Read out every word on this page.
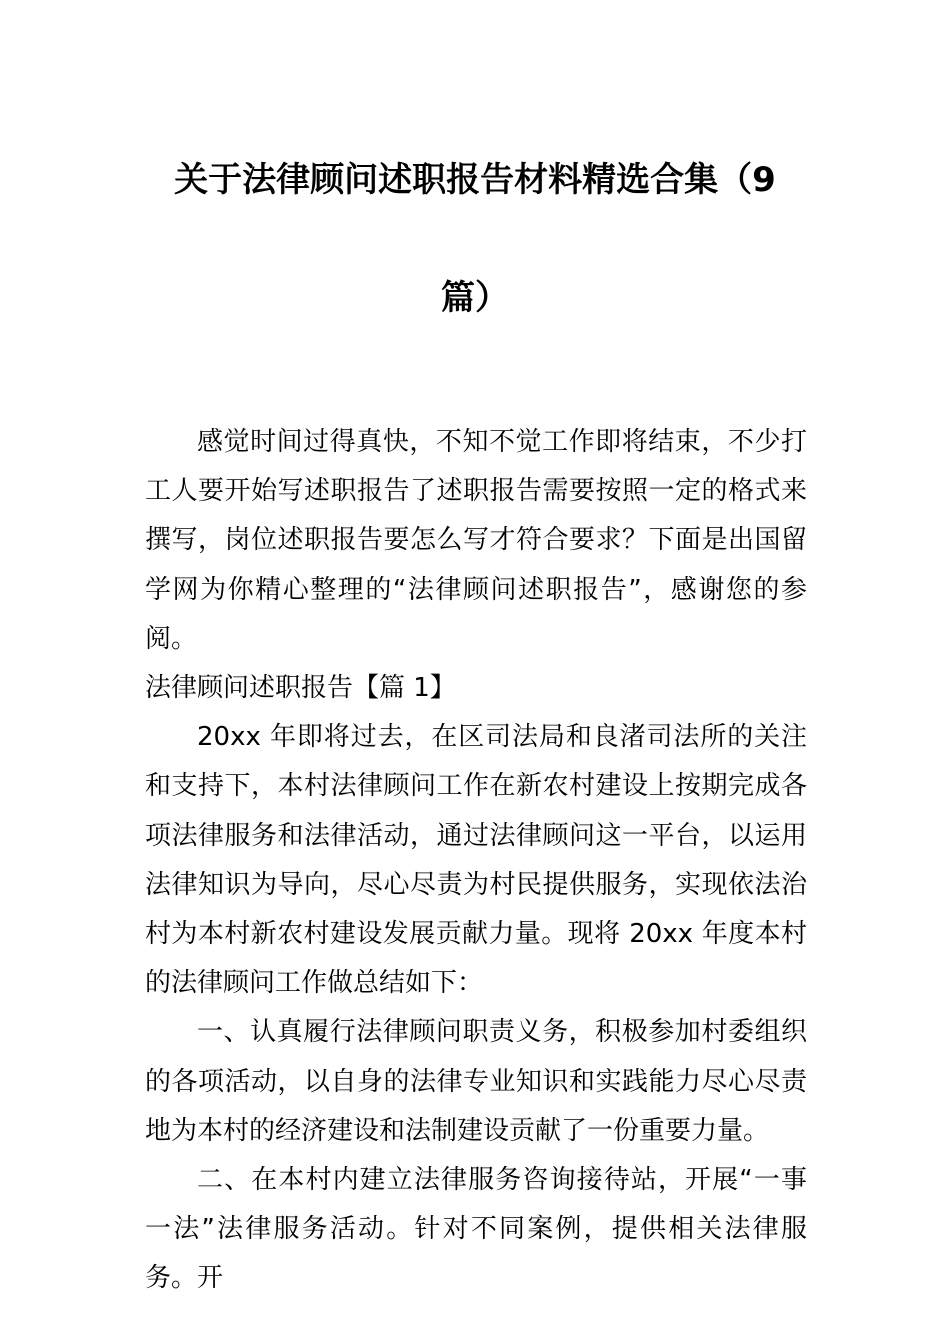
关于法律顾问述职报告材料精选合集（9
篇）

感觉时间过得真快，不知不觉工作即将结束，不少打工人要开始写述职报告了述职报告需要按照一定的格式来撰写，岗位述职报告要怎么写才符合要求？下面是出国留学网为你精心整理的“法律顾问述职报告”，感谢您的参阅。

法律顾问述职报告【篇 1】

20xx 年即将过去，在区司法局和良渚司法所的关注和支持下，本村法律顾问工作在新农村建设上按期完成各项法律服务和法律活动，通过法律顾问这一平台，以运用法律知识为导向，尽心尽责为村民提供服务，实现依法治村为本村新农村建设发展贡献力量。现将 20xx 年度本村的法律顾问工作做总结如下：

一、认真履行法律顾问职责义务，积极参加村委组织的各项活动，以自身的法律专业知识和实践能力尽心尽责地为本村的经济建设和法制建设贡献了一份重要力量。

二、在本村内建立法律服务咨询接待站，开展“一事一法”法律服务活动。针对不同案例，提供相关法律服务。开
